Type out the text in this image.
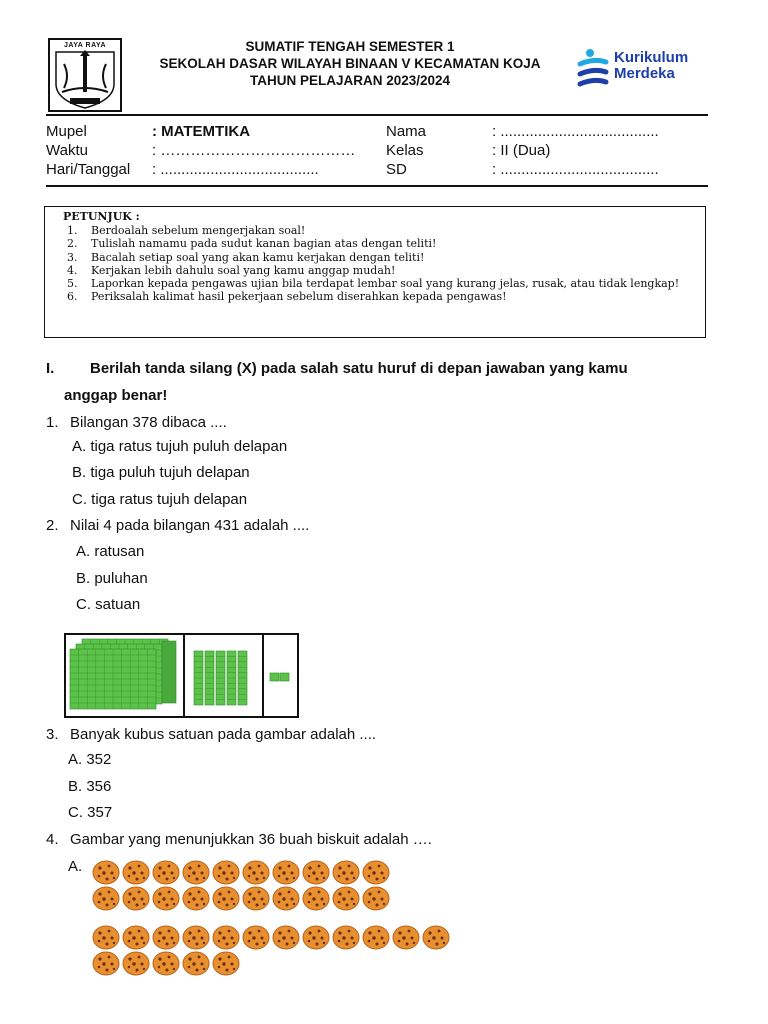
JAYA RAYA	SUMATIF TENGAH SEMESTER 1
SEKOLAH DASAR WILAYAH BINAAN V KECAMATAN KOJA
TAHUN PELAJARAN 2023/2024
Kurikulum
Merdeka
Mupel	: MATEMTIKA	Nama	: ......................................
Waktu	: ………………………………… Kelas	: II (Dua)
Hari/Tanggal : ......................................	SD	: ......................................
PETUNJUK :
1. Berdoalah sebelum mengerjakan soal!
2. Tulislah namamu pada sudut kanan bagian atas dengan teliti!
3. Bacalah setiap soal yang akan kamu kerjakan dengan teliti!
4. Kerjakan lebih dahulu soal yang kamu anggap mudah!
5. Laporkan kepada pengawas ujian bila terdapat lembar soal yang kurang jelas, rusak, atau tidak lengkap!
6. Periksalah kalimat hasil pekerjaan sebelum diserahkan kepada pengawas!
I. Berilah tanda silang (X) pada salah satu huruf di depan jawaban yang kamu
anggap benar!
1. Bilangan 378 dibaca ....
A. tiga ratus tujuh puluh delapan
B. tiga puluh tujuh delapan
C. tiga ratus tujuh delapan
2. Nilai 4 pada bilangan 431 adalah ....
A. ratusan
B. puluhan
C. satuan
3. Banyak kubus satuan pada gambar adalah ....
A. 352
B. 356
C. 357
4. Gambar yang menunjukkan 36 buah biskuit adalah ….
A.
